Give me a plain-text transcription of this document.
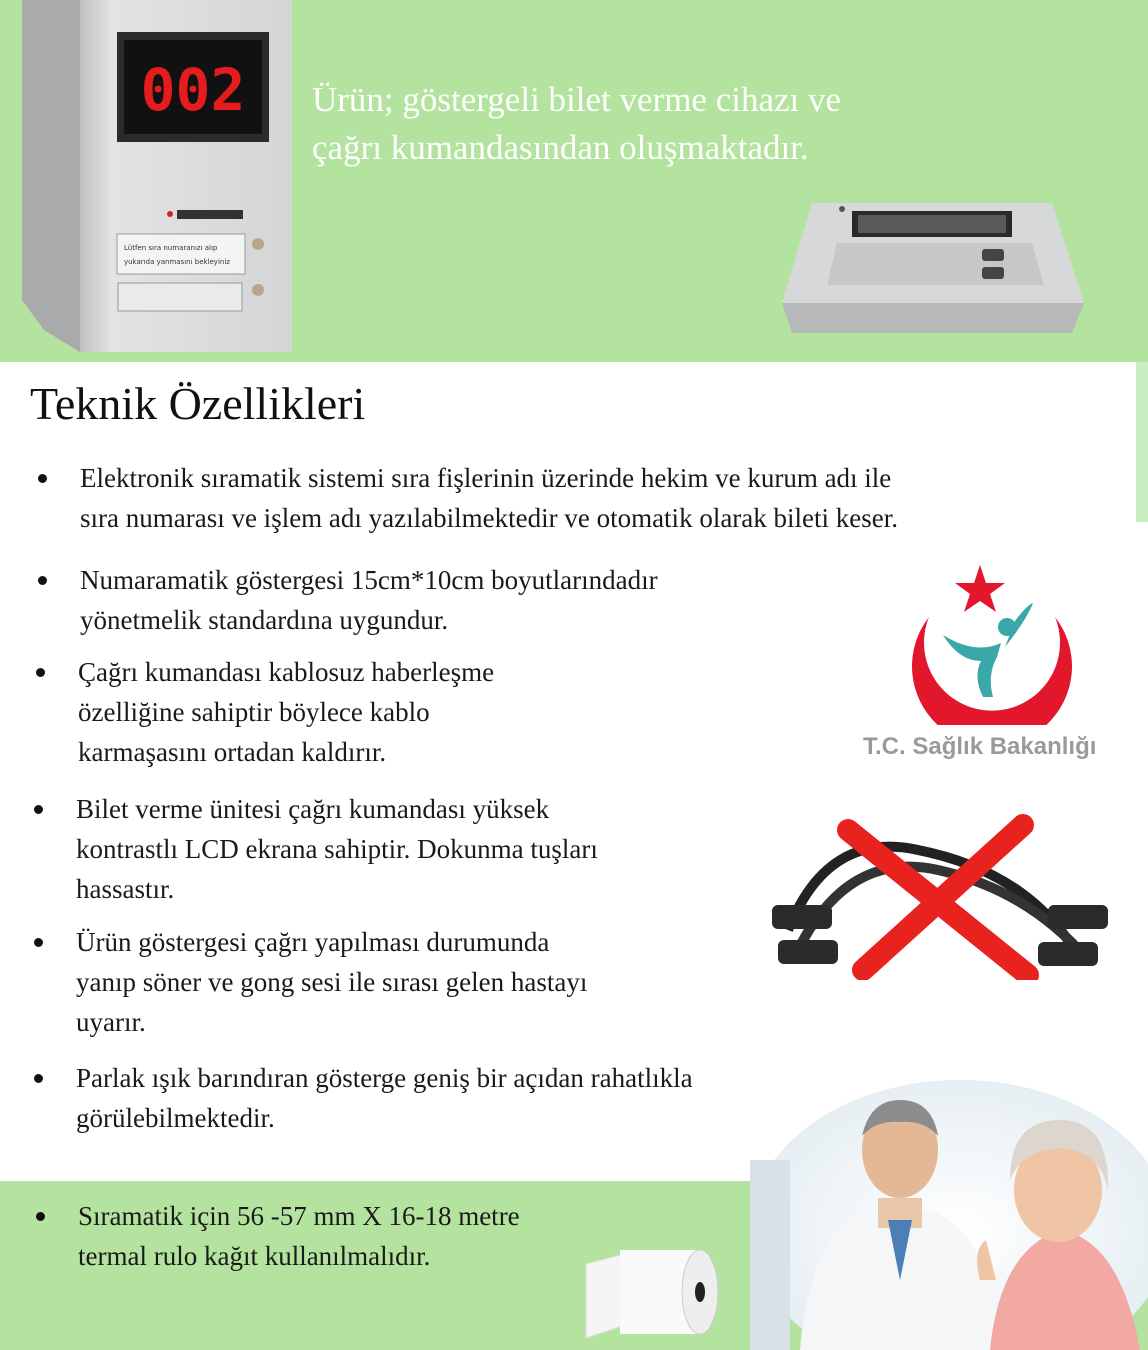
002
Lütfen sıra numaranızı alıp
yukarıda yanmasını bekleyiniz
Ürün; göstergeli bilet verme cihazı ve
çağrı kumandasından oluşmaktadır.
Teknik Özellikleri
Elektronik sıramatik sistemi sıra fişlerinin üzerinde hekim ve kurum adı ile
sıra numarası ve işlem adı yazılabilmektedir ve otomatik olarak bileti keser.
Numaramatik göstergesi 15cm*10cm boyutlarındadır
yönetmelik standardına uygundur.
Çağrı kumandası kablosuz haberleşme
özelliğine sahiptir böylece kablo
karmaşasını ortadan kaldırır.
Bilet verme ünitesi çağrı kumandası yüksek
kontrastlı LCD ekrana sahiptir. Dokunma tuşları
hassastır.
Ürün göstergesi çağrı yapılması durumunda
yanıp söner ve gong sesi ile sırası gelen hastayı
uyarır.
Parlak ışık barındıran gösterge geniş bir açıdan rahatlıkla
görülebilmektedir.
Sıramatik için 56 -57 mm X 16-18 metre
termal rulo kağıt kullanılmalıdır.
T.C. Sağlık Bakanlığı
